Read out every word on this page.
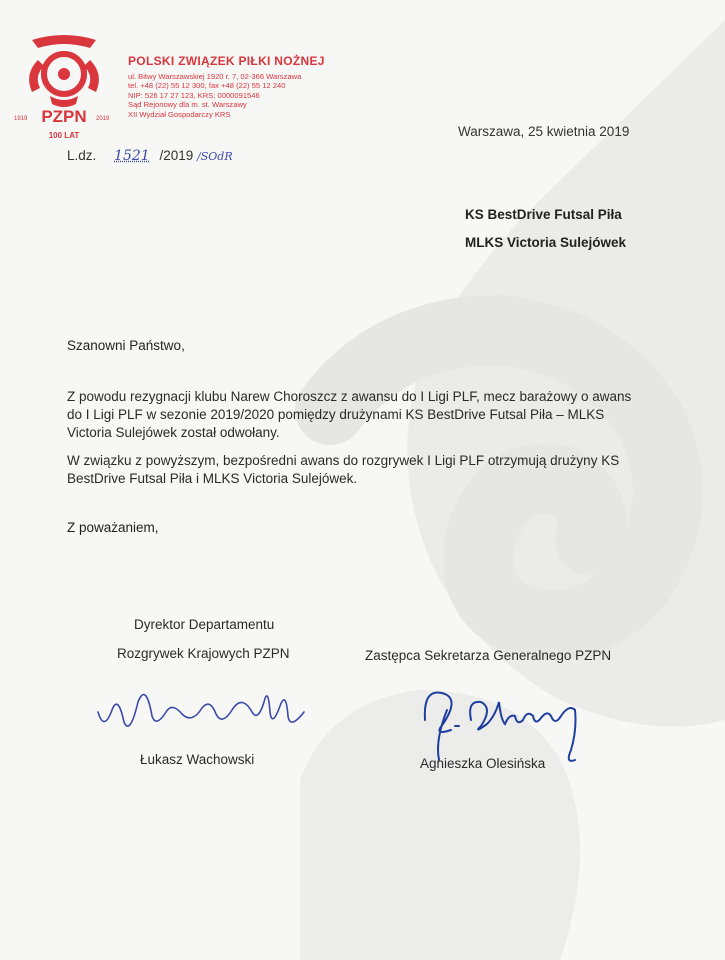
1919 PZPN 2019
100 LAT
POLSKI ZWIĄZEK PIŁKI NOŻNEJ
ul. Bitwy Warszawskiej 1920 r. 7, 02-366 Warszawa
tel. +48 (22) 55 12 300, fax +48 (22) 55 12 240
NIP: 526 17 27 123, KRS: 0000091546
Sąd Rejonowy dla m. st. Warszawy
XII Wydział Gospodarczy KRS
Warszawa, 25 kwietnia 2019
L.dz. 1521 /2019 /SOdR
KS BestDrive Futsal Piła
MLKS Victoria Sulejówek
Szanowni Państwo,
Z powodu rezygnacji klubu Narew Choroszcz z awansu do I Ligi PLF, mecz barażowy o awans do I Ligi PLF w sezonie 2019/2020 pomiędzy drużynami KS BestDrive Futsal Piła – MLKS Victoria Sulejówek został odwołany.
W związku z powyższym, bezpośredni awans do rozgrywek I Ligi PLF otrzymują drużyny KS BestDrive Futsal Piła i MLKS Victoria Sulejówek.
Z poważaniem,
Dyrektor Departamentu
Rozgrywek Krajowych PZPN	Zastępca Sekretarza Generalnego PZPN
Łukasz Wachowski	Agnieszka Olesińska
